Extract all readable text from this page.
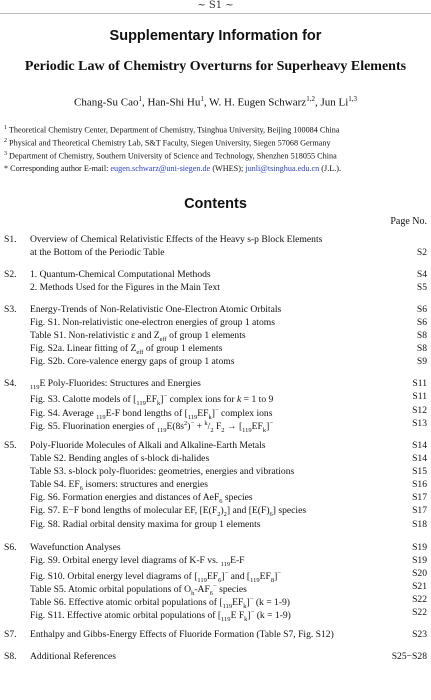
~ S1 ~
Supplementary Information for
Periodic Law of Chemistry Overturns for Superheavy Elements
Chang-Su Cao$^1$, Han-Shi Hu$^1$, W. H. Eugen Schwarz$^{1,2}$, Jun Li$^{1,3}$
$^1$ Theoretical Chemistry Center, Department of Chemistry, Tsinghua University, Beijing 100084 China
$^2$ Physical and Theoretical Chemistry Lab, S&T Faculty, Siegen University, Siegen 57068 Germany
$^3$ Department of Chemistry, Southern University of Science and Technology, Shenzhen 518055 China
* Corresponding author E-mail: eugen.schwarz@uni-siegen.de (WHES); junli@tsinghua.edu.cn (J.L.).
Contents
Page No.
S1. Overview of Chemical Relativistic Effects of the Heavy s-p Block Elements
at the Bottom of the Periodic Table	S2
S2. 1. Quantum-Chemical Computational Methods	S4
2. Methods Used for the Figures in the Main Text	S5
S3. Energy-Trends of Non-Relativistic One-Electron Atomic Orbitals	S6
Fig. S1. Non-relativistic one-electron energies of group 1 atoms	S6
Table S1. Non-relativistic ε and $Z_{eff}$ of group 1 elements	S8
Fig. S2a. Linear fitting of $Z_{eff}$ of group 1 elements	S8
Fig. S2b. Core-valence energy gaps of group 1 atoms	S9
S4. $_{119}$E Poly-Fluorides: Structures and Energies	S11
Fig. S3. Calotte models of $[_{119}EF_k]^-$ complex ions for k = 1 to 9	S11
Fig. S4. Average $_{119}$E-F bond lengths of $[_{119}EF_k]^-$ complex ions	S12
Fig. S5. Fluorination energies of $_{119}E(8s^2)^- + ^k/_2$ $F_2 \to [_{119}EF_k]^-$	S13
S5. Poly-Fluoride Molecules of Alkali and Alkaline-Earth Metals	S14
Table S2. Bending angles of s-block di-halides	S14
Table S3. s-block poly-fluorides: geometries, energies and vibrations	S15
Table S4. $EF_6$ isomers: structures and energies	S16
Fig. S6. Formation energies and distances of AeF$_6$ species	S17
Fig. S7. E−F bond lengths of molecular EF, $[E(F_2)_2]$ and $[E(F)_6]$ species	S17
Fig. S8. Radial orbital density maxima for group 1 elements	S18
S6. Wavefunction Analyses	S19
Fig. S9. Orbital energy level diagrams of K-F vs. $_{119}$E-F	S19
Fig. S10. Orbital energy level diagrams of $[_{119}EF_6]^-$ and $[_{119}EF_8]^-$	S20
Table S5. Atomic orbital populations of $O_h-AF_6^-$ species	S21
Table S6. Effective atomic orbital populations of $[_{119}EF_k]^-$ (k = 1-9)	S22
Fig. S11. Effective atomic orbital populations of [$_{119}E$ $F_k]^-$ (k = 1-9)	S22
S7. Enthalpy and Gibbs-Energy Effects of Fluoride Formation (Table S7, Fig. S12)	S23
S8. Additional References	S25−S28
